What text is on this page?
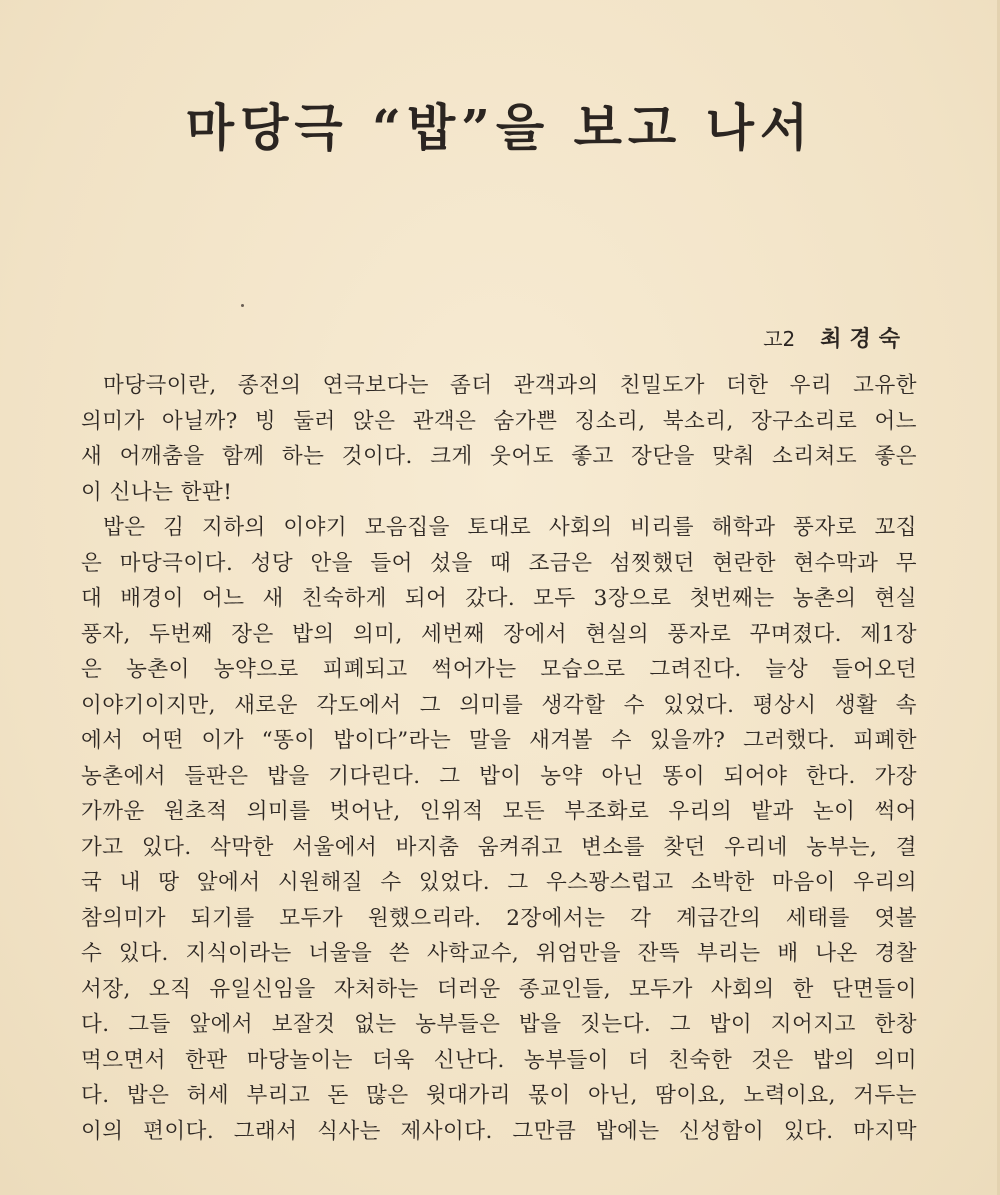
마당극 “밥”을 보고 나서
고2 최경숙
마당극이란, 종전의 연극보다는 좀더 관객과의 친밀도가 더한 우리 고유한
의미가 아닐까? 빙 둘러 앉은 관객은 숨가쁜 징소리, 북소리, 장구소리로 어느
새 어깨춤을 함께 하는 것이다. 크게 웃어도 좋고 장단을 맞춰 소리쳐도 좋은
이 신나는 한판!
밥은 김 지하의 이야기 모음집을 토대로 사회의 비리를 해학과 풍자로 꼬집
은 마당극이다. 성당 안을 들어 섰을 때 조금은 섬찟했던 현란한 현수막과 무
대 배경이 어느 새 친숙하게 되어 갔다. 모두 3장으로 첫번째는 농촌의 현실
풍자, 두번째 장은 밥의 의미, 세번째 장에서 현실의 풍자로 꾸며졌다. 제1장
은 농촌이 농약으로 피폐되고 썩어가는 모습으로 그려진다. 늘상 들어오던
이야기이지만, 새로운 각도에서 그 의미를 생각할 수 있었다. 평상시 생활 속
에서 어떤 이가 “똥이 밥이다”라는 말을 새겨볼 수 있을까? 그러했다. 피폐한
농촌에서 들판은 밥을 기다린다. 그 밥이 농약 아닌 똥이 되어야 한다. 가장
가까운 원초적 의미를 벗어난, 인위적 모든 부조화로 우리의 밭과 논이 썩어
가고 있다. 삭막한 서울에서 바지춤 움켜쥐고 변소를 찾던 우리네 농부는, 결
국 내 땅 앞에서 시원해질 수 있었다. 그 우스꽝스럽고 소박한 마음이 우리의
참의미가 되기를 모두가 원했으리라. 2장에서는 각 계급간의 세태를 엿볼
수 있다. 지식이라는 너울을 쓴 사학교수, 위엄만을 잔뜩 부리는 배 나온 경찰
서장, 오직 유일신임을 자처하는 더러운 종교인들, 모두가 사회의 한 단면들이
다. 그들 앞에서 보잘것 없는 농부들은 밥을 짓는다. 그 밥이 지어지고 한창
먹으면서 한판 마당놀이는 더욱 신난다. 농부들이 더 친숙한 것은 밥의 의미
다. 밥은 허세 부리고 돈 많은 윗대가리 몫이 아닌, 땀이요, 노력이요, 거두는
이의 편이다. 그래서 식사는 제사이다. 그만큼 밥에는 신성함이 있다. 마지막
